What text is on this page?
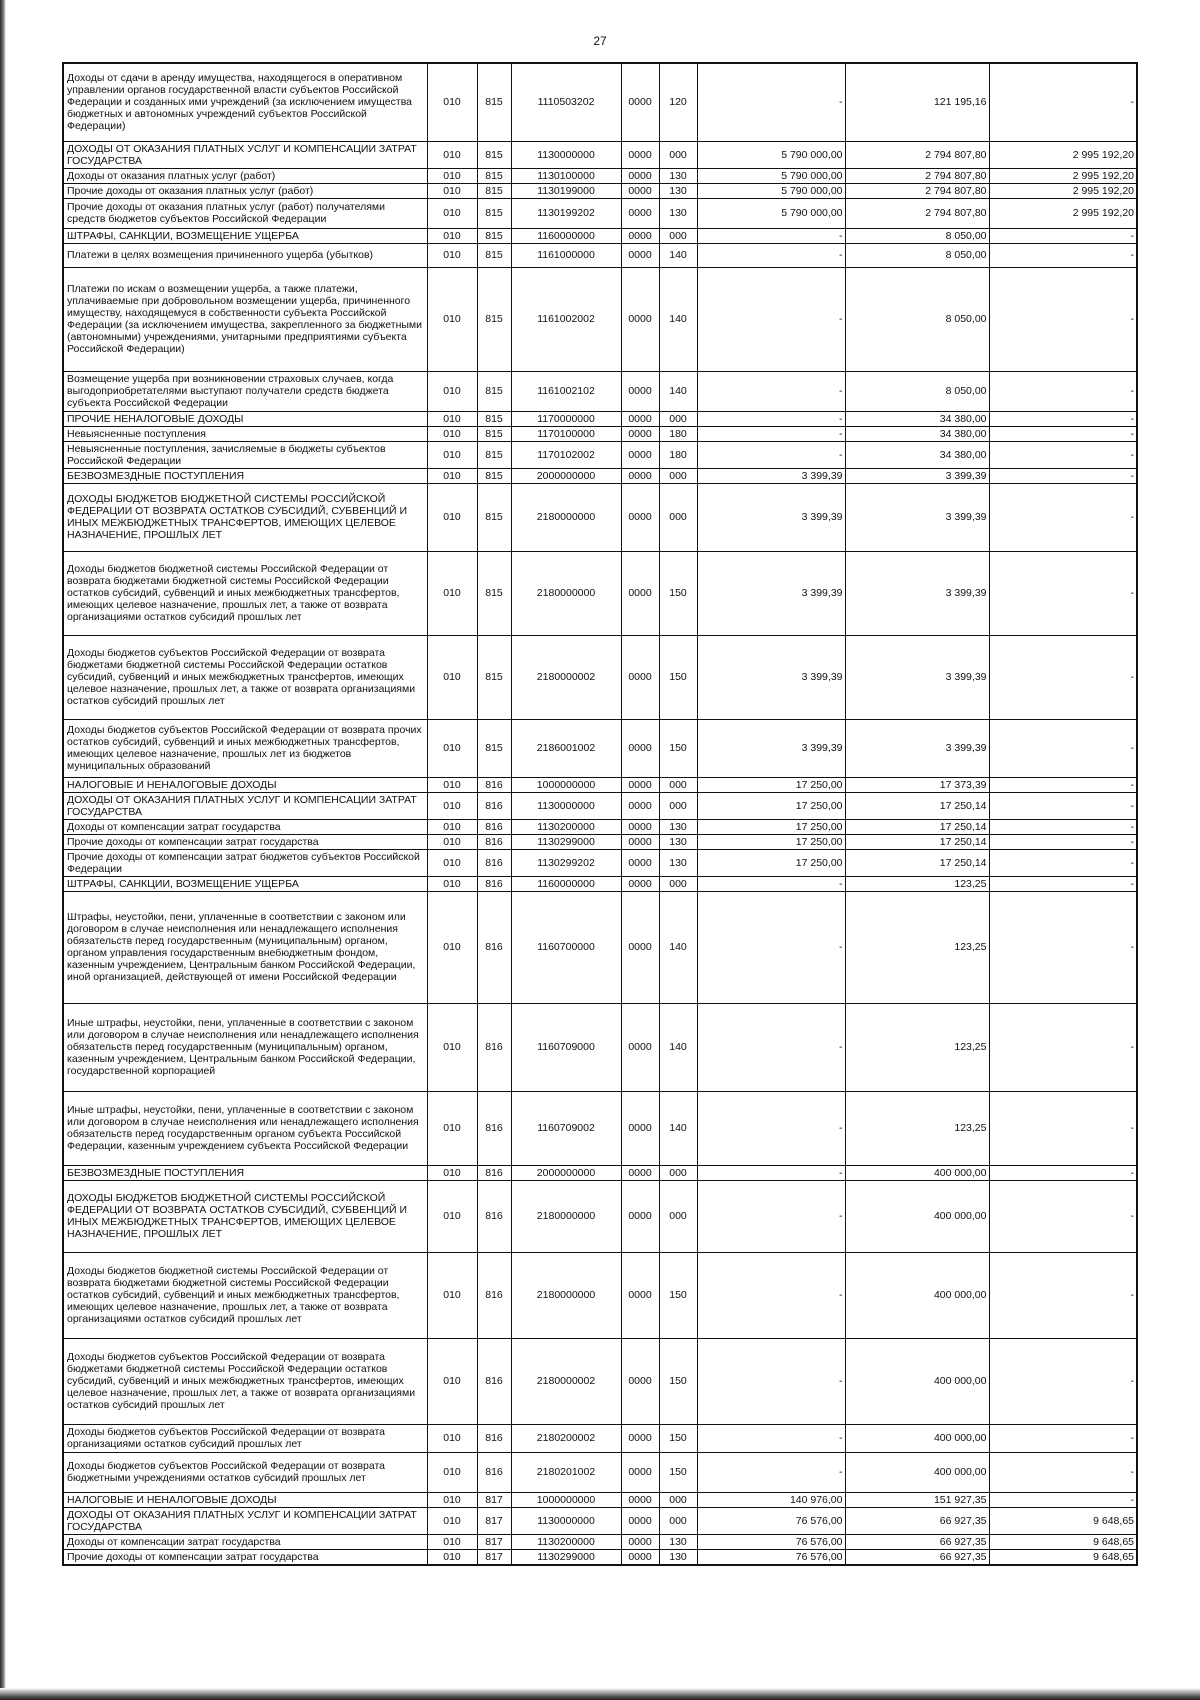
27
Доходы от сдачи в аренду имущества, находящегося в оперативном управлении органов государственной власти субъектов Российской Федерации и созданных ими учреждений (за исключением имущества бюджетных и автономных учреждений субъектов Российской Федерации)	010	815	1110503202	0000	120	-	121 195,16	-
ДОХОДЫ ОТ ОКАЗАНИЯ ПЛАТНЫХ УСЛУГ И КОМПЕНСАЦИИ ЗАТРАТ ГОСУДАРСТВА	010	815	1130000000	0000	000	5 790 000,00	2 794 807,80	2 995 192,20
Доходы от оказания платных услуг (работ)	010	815	1130100000	0000	130	5 790 000,00	2 794 807,80	2 995 192,20
Прочие доходы от оказания платных услуг (работ)	010	815	1130199000	0000	130	5 790 000,00	2 794 807,80	2 995 192,20
Прочие доходы от оказания платных услуг (работ) получателями средств бюджетов субъектов Российской Федерации	010	815	1130199202	0000	130	5 790 000,00	2 794 807,80	2 995 192,20
ШТРАФЫ, САНКЦИИ, ВОЗМЕЩЕНИЕ УЩЕРБА	010	815	1160000000	0000	000	-	8 050,00	-
Платежи в целях возмещения причиненного ущерба (убытков)	010	815	1161000000	0000	140	-	8 050,00	-
Платежи по искам о возмещении ущерба, а также платежи, уплачиваемые при добровольном возмещении ущерба, причиненного имуществу, находящемуся в собственности субъекта Российской Федерации (за исключением имущества, закрепленного за бюджетными (автономными) учреждениями, унитарными предприятиями субъекта Российской Федерации)	010	815	1161002002	0000	140	-	8 050,00	-
Возмещение ущерба при возникновении страховых случаев, когда выгодоприобретателями выступают получатели средств бюджета субъекта Российской Федерации	010	815	1161002102	0000	140	-	8 050,00	-
ПРОЧИЕ НЕНАЛОГОВЫЕ ДОХОДЫ	010	815	1170000000	0000	000	-	34 380,00	-
Невыясненные поступления	010	815	1170100000	0000	180	-	34 380,00	-
Невыясненные поступления, зачисляемые в бюджеты субъектов Российской Федерации	010	815	1170102002	0000	180	-	34 380,00	-
БЕЗВОЗМЕЗДНЫЕ ПОСТУПЛЕНИЯ	010	815	2000000000	0000	000	3 399,39	3 399,39	-
ДОХОДЫ БЮДЖЕТОВ БЮДЖЕТНОЙ СИСТЕМЫ РОССИЙСКОЙ ФЕДЕРАЦИИ ОТ ВОЗВРАТА ОСТАТКОВ СУБСИДИЙ, СУБВЕНЦИЙ И ИНЫХ МЕЖБЮДЖЕТНЫХ ТРАНСФЕРТОВ, ИМЕЮЩИХ ЦЕЛЕВОЕ НАЗНАЧЕНИЕ, ПРОШЛЫХ ЛЕТ	010	815	2180000000	0000	000	3 399,39	3 399,39	-
Доходы бюджетов бюджетной системы Российской Федерации от возврата бюджетами бюджетной системы Российской Федерации остатков субсидий, субвенций и иных межбюджетных трансфертов, имеющих целевое назначение, прошлых лет, а также от возврата организациями остатков субсидий прошлых лет	010	815	2180000000	0000	150	3 399,39	3 399,39	-
Доходы бюджетов субъектов Российской Федерации от возврата бюджетами бюджетной системы Российской Федерации остатков субсидий, субвенций и иных межбюджетных трансфертов, имеющих целевое назначение, прошлых лет, а также от возврата организациями остатков субсидий прошлых лет	010	815	2180000002	0000	150	3 399,39	3 399,39	-
Доходы бюджетов субъектов Российской Федерации от возврата прочих остатков субсидий, субвенций и иных межбюджетных трансфертов, имеющих целевое назначение, прошлых лет из бюджетов муниципальных образований	010	815	2186001002	0000	150	3 399,39	3 399,39	-
НАЛОГОВЫЕ И НЕНАЛОГОВЫЕ ДОХОДЫ	010	816	1000000000	0000	000	17 250,00	17 373,39	-
ДОХОДЫ ОТ ОКАЗАНИЯ ПЛАТНЫХ УСЛУГ И КОМПЕНСАЦИИ ЗАТРАТ ГОСУДАРСТВА	010	816	1130000000	0000	000	17 250,00	17 250,14	-
Доходы от компенсации затрат государства	010	816	1130200000	0000	130	17 250,00	17 250,14	-
Прочие доходы от компенсации затрат государства	010	816	1130299000	0000	130	17 250,00	17 250,14	-
Прочие доходы от компенсации затрат бюджетов субъектов Российской Федерации	010	816	1130299202	0000	130	17 250,00	17 250,14	-
ШТРАФЫ, САНКЦИИ, ВОЗМЕЩЕНИЕ УЩЕРБА	010	816	1160000000	0000	000	-	123,25	-
Штрафы, неустойки, пени, уплаченные в соответствии с законом или договором в случае неисполнения или ненадлежащего исполнения обязательств перед государственным (муниципальным) органом, органом управления государственным внебюджетным фондом, казенным учреждением, Центральным банком Российской Федерации, иной организацией, действующей от имени Российской Федерации	010	816	1160700000	0000	140	-	123,25	-
Иные штрафы, неустойки, пени, уплаченные в соответствии с законом или договором в случае неисполнения или ненадлежащего исполнения обязательств перед государственным (муниципальным) органом, казенным учреждением, Центральным банком Российской Федерации, государственной корпорацией	010	816	1160709000	0000	140	-	123,25	-
Иные штрафы, неустойки, пени, уплаченные в соответствии с законом или договором в случае неисполнения или ненадлежащего исполнения обязательств перед государственным органом субъекта Российской Федерации, казенным учреждением субъекта Российской Федерации	010	816	1160709002	0000	140	-	123,25	-
БЕЗВОЗМЕЗДНЫЕ ПОСТУПЛЕНИЯ	010	816	2000000000	0000	000	-	400 000,00	-
ДОХОДЫ БЮДЖЕТОВ БЮДЖЕТНОЙ СИСТЕМЫ РОССИЙСКОЙ ФЕДЕРАЦИИ ОТ ВОЗВРАТА ОСТАТКОВ СУБСИДИЙ, СУБВЕНЦИЙ И ИНЫХ МЕЖБЮДЖЕТНЫХ ТРАНСФЕРТОВ, ИМЕЮЩИХ ЦЕЛЕВОЕ НАЗНАЧЕНИЕ, ПРОШЛЫХ ЛЕТ	010	816	2180000000	0000	000	-	400 000,00	-
Доходы бюджетов бюджетной системы Российской Федерации от возврата бюджетами бюджетной системы Российской Федерации остатков субсидий, субвенций и иных межбюджетных трансфертов, имеющих целевое назначение, прошлых лет, а также от возврата организациями остатков субсидий прошлых лет	010	816	2180000000	0000	150	-	400 000,00	-
Доходы бюджетов субъектов Российской Федерации от возврата бюджетами бюджетной системы Российской Федерации остатков субсидий, субвенций и иных межбюджетных трансфертов, имеющих целевое назначение, прошлых лет, а также от возврата организациями остатков субсидий прошлых лет	010	816	2180000002	0000	150	-	400 000,00	-
Доходы бюджетов субъектов Российской Федерации от возврата организациями остатков субсидий прошлых лет	010	816	2180200002	0000	150	-	400 000,00	-
Доходы бюджетов субъектов Российской Федерации от возврата бюджетными учреждениями остатков субсидий прошлых лет	010	816	2180201002	0000	150	-	400 000,00	-
НАЛОГОВЫЕ И НЕНАЛОГОВЫЕ ДОХОДЫ	010	817	1000000000	0000	000	140 976,00	151 927,35	-
ДОХОДЫ ОТ ОКАЗАНИЯ ПЛАТНЫХ УСЛУГ И КОМПЕНСАЦИИ ЗАТРАТ ГОСУДАРСТВА	010	817	1130000000	0000	000	76 576,00	66 927,35	9 648,65
Доходы от компенсации затрат государства	010	817	1130200000	0000	130	76 576,00	66 927,35	9 648,65
Прочие доходы от компенсации затрат государства	010	817	1130299000	0000	130	76 576,00	66 927,35	9 648,65
